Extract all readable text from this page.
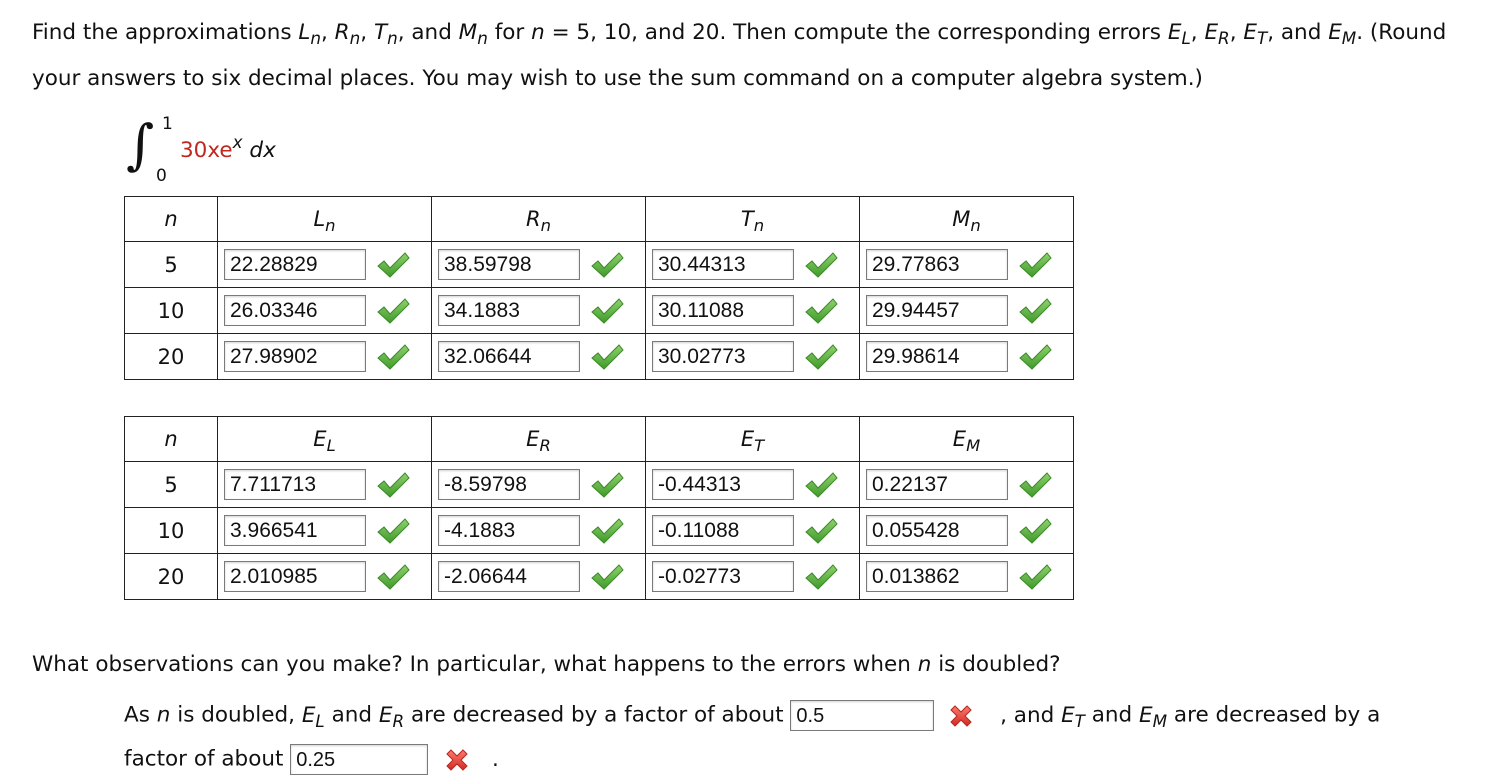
Find the approximations $L_n$, $R_n$, $T_n$, and $M_n$ for n = 5, 10, and 20. Then compute the corresponding errors $E_L$, $E_R$, $E_T$, and $E_M$. (Round your answers to six decimal places. You may wish to use the sum command on a computer algebra system.)
∫ 1
0
$30xe^x$ dx
n	$L_n$	$R_n$	$T_n$	$M_n$
5	22.28829	38.59798	30.44313	29.77863

10	26.03346	34.1883	30.11088	29.94457

20	27.98902	32.06644	30.02773	29.98614
n	$E_L$	$E_R$	$E_T$	$E_M$
5	7.711713	-8.59798	-0.44313	0.22137

10	3.966541	-4.1883	-0.11088	0.055428

20	2.010985	-2.06644	-0.02773	0.013862
What observations can you make? In particular, what happens to the errors when n is doubled?
As n is doubled, $E_L$ and $E_R$ are decreased by a factor of about 0.5	, and $E_T$ and $E_M$ are decreased by a
factor of about 0.25	.
